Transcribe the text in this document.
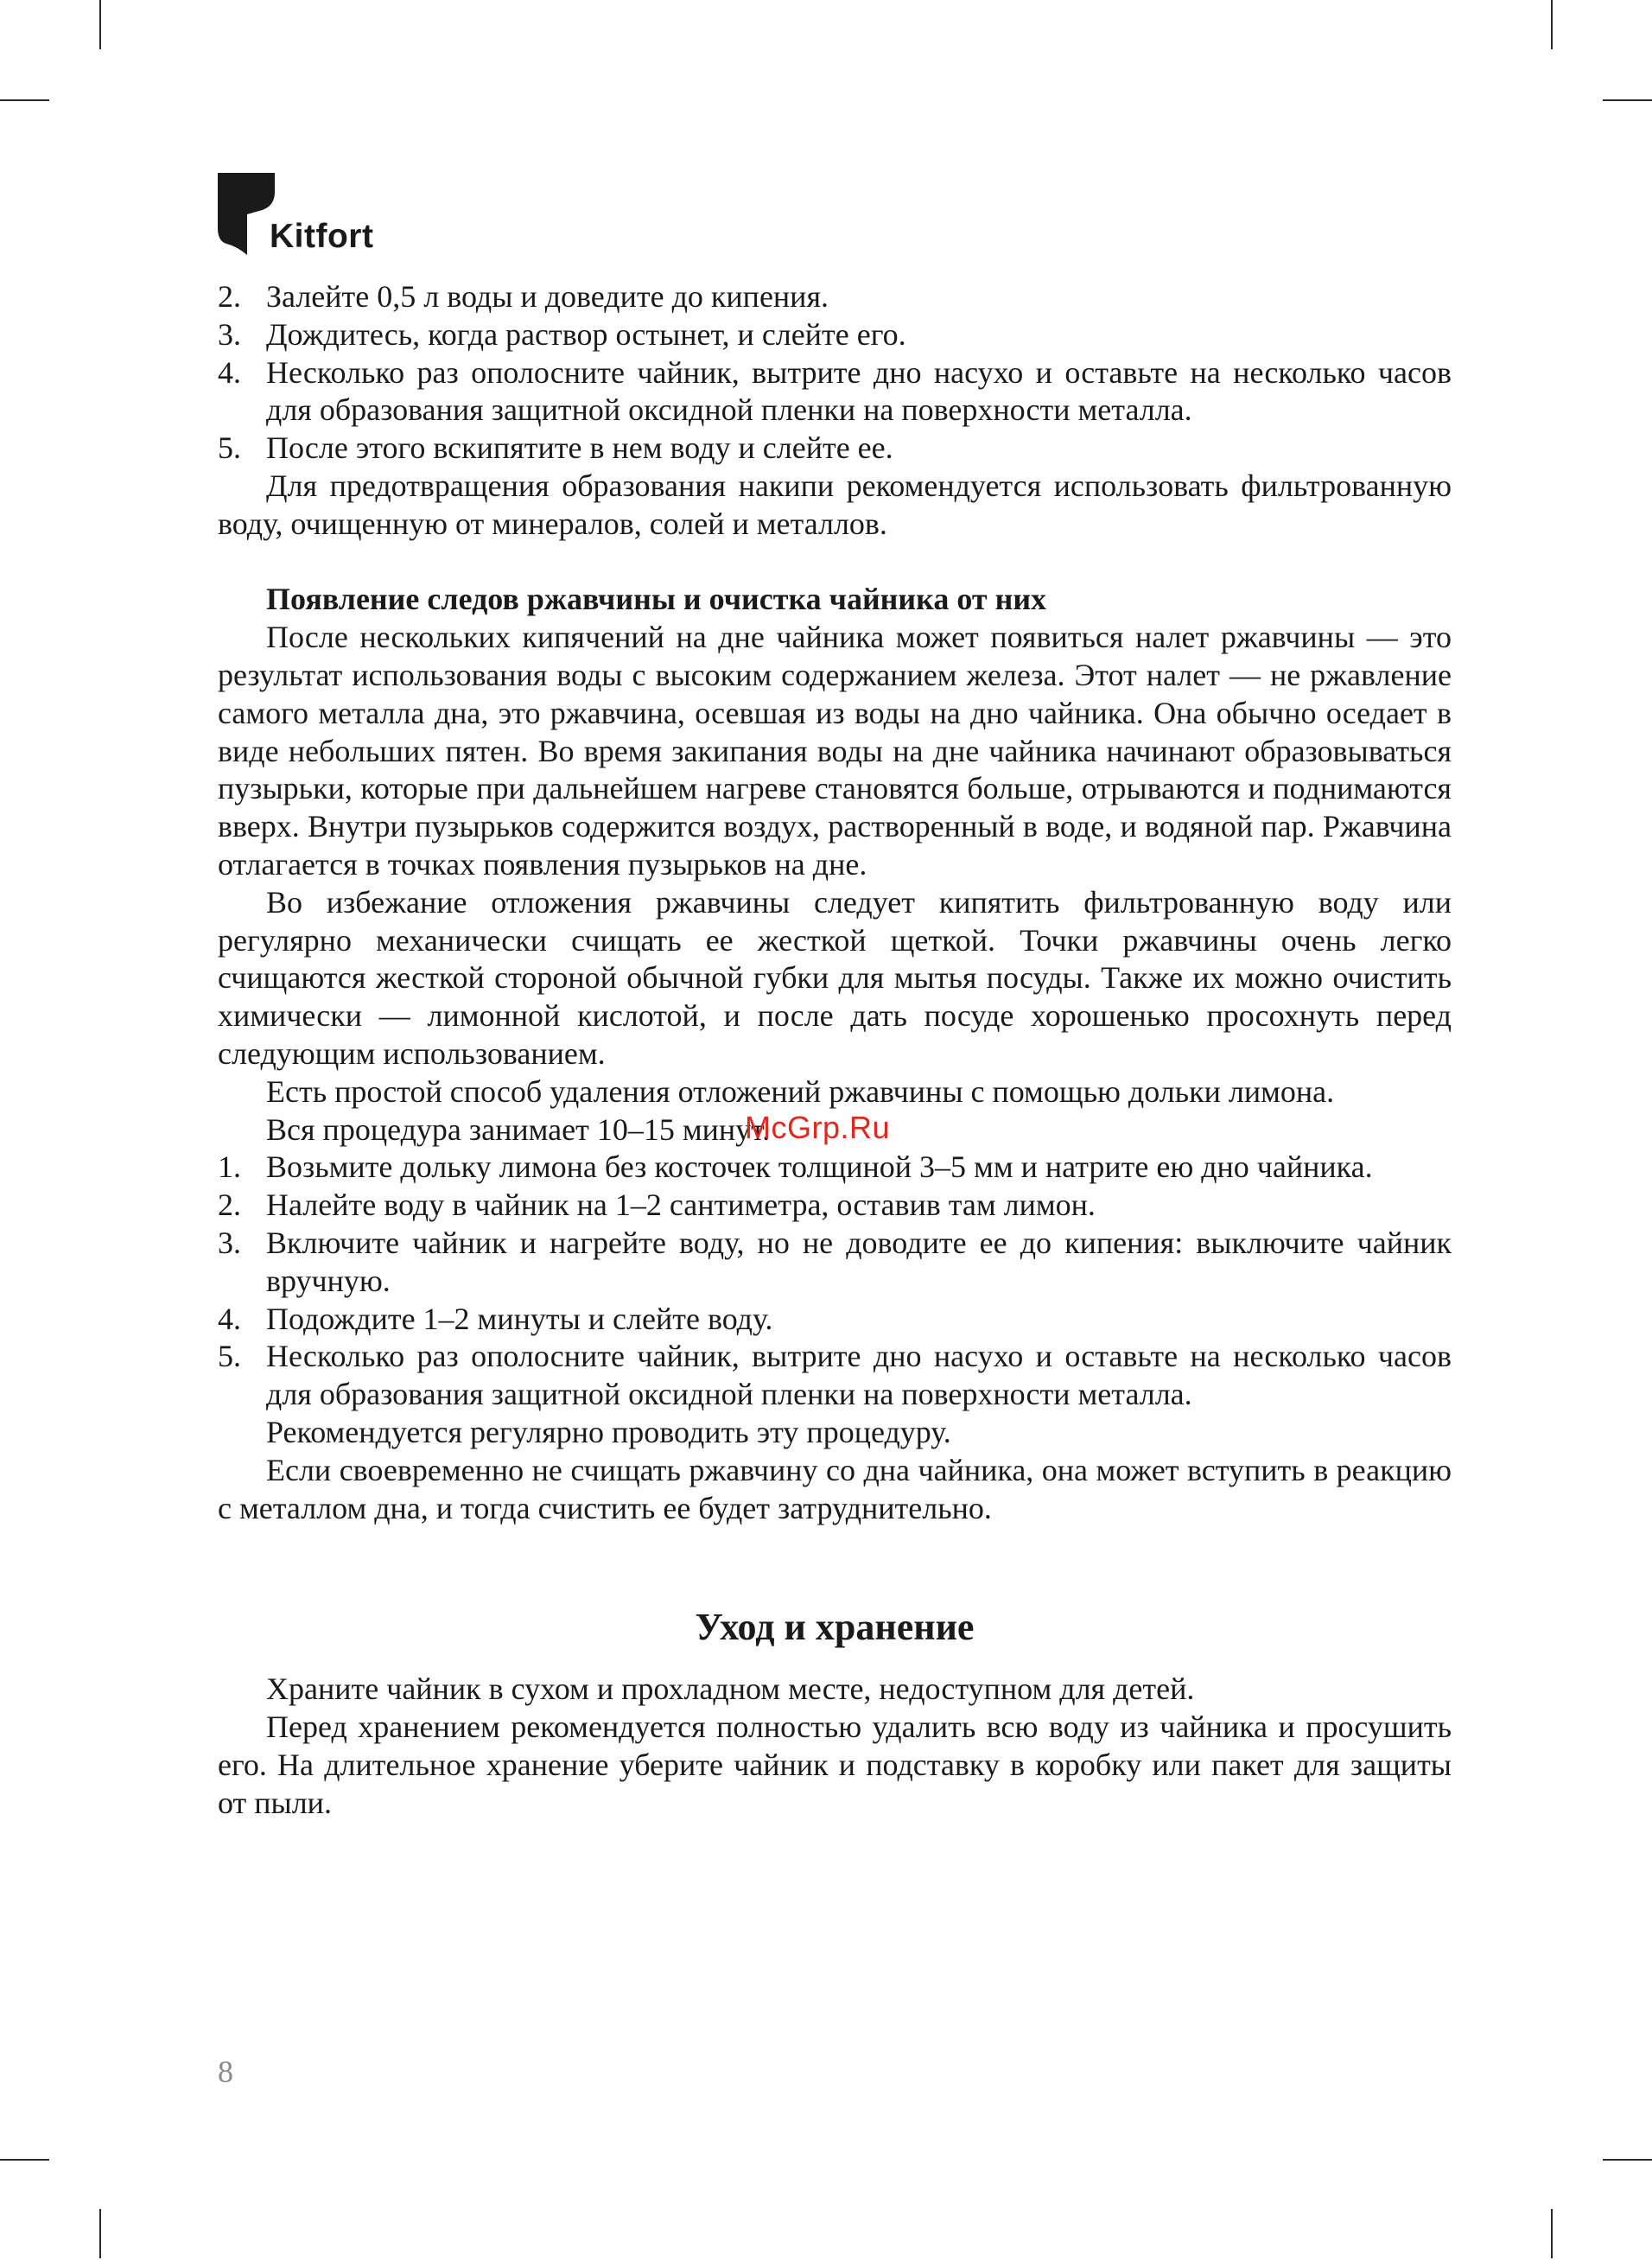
Kitfort
2. Залейте 0,5 л воды и доведите до кипения.
3. Дождитесь, когда раствор остынет, и слейте его.
4. Несколько раз ополосните чайник, вытрите дно насухо и оставьте на несколько часов для образования защитной оксидной пленки на поверхности металла.
5. После этого вскипятите в нем воду и слейте ее.

Для предотвращения образования накипи рекомендуется использовать фильтрованную воду, очищенную от минералов, солей и металлов.

Появление следов ржавчины и очистка чайника от них

После нескольких кипячений на дне чайника может появиться налет ржавчины — это результат использования воды с высоким содержанием железа. Этот налет — не ржавление самого металла дна, это ржавчина, осевшая из воды на дно чайника. Она обычно оседает в виде небольших пятен. Во время закипания воды на дне чайника начинают образовываться пузырьки, которые при дальнейшем нагреве становятся больше, отрываются и поднимаются вверх. Внутри пузырьков содержится воздух, растворенный в воде, и водяной пар. Ржавчина отлагается в точках появления пузырьков на дне.

Во избежание отложения ржавчины следует кипятить фильтрованную воду или регулярно механически счищать ее жесткой щеткой. Точки ржавчины очень легко счищаются жесткой стороной обычной губки для мытья посуды. Также их можно очистить химически — лимонной кислотой, и после дать посуде хорошенько просохнуть перед следующим использованием.

Есть простой способ удаления отложений ржавчины с помощью дольки лимона.

Вся процедура занимает 10–15 минут.

1. Возьмите дольку лимона без косточек толщиной 3–5 мм и натрите ею дно чайника.
2. Налейте воду в чайник на 1–2 сантиметра, оставив там лимон.
3. Включите чайник и нагрейте воду, но не доводите ее до кипения: выключите чайник вручную.
4. Подождите 1–2 минуты и слейте воду.
5. Несколько раз ополосните чайник, вытрите дно насухо и оставьте на несколько часов для образования защитной оксидной пленки на поверхности металла.

Рекомендуется регулярно проводить эту процедуру.

Если своевременно не счищать ржавчину со дна чайника, она может вступить в реакцию с металлом дна, и тогда счистить ее будет затруднительно.

Уход и хранение

Храните чайник в сухом и прохладном месте, недоступном для детей.

Перед хранением рекомендуется полностью удалить всю воду из чайника и просушить его. На длительное хранение уберите чайник и подставку в коробку или пакет для защиты от пыли.

McGrp.Ru
8
